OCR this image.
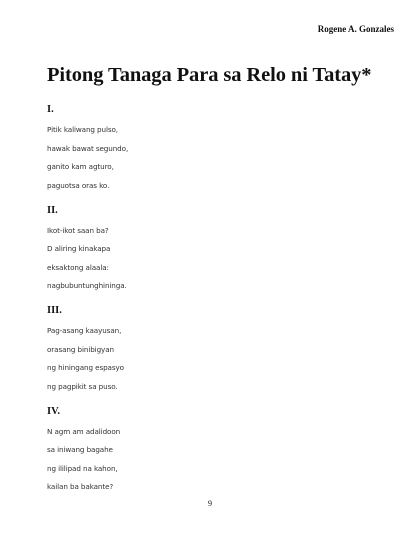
Rogene A. Gonzales
Pitong Tanaga Para sa Relo ni Tatay*
I.
Pitik kaliwang pulso,
hawak bawat segundo,
ganito kam agturo,
paguotsa oras ko.
II.
Ikot-ikot saan ba?
D aliring kinakapa
eksaktong alaala:
nagbubuntunghininga.
III.
Pag-asang kaayusan,
orasang binibigyan
ng hiningang espasyo
ng pagpikit sa puso.
IV.
N agm am adalidoon
sa iniwang bagahe
ng ililipad na kahon,
kailan ba bakante?
9
